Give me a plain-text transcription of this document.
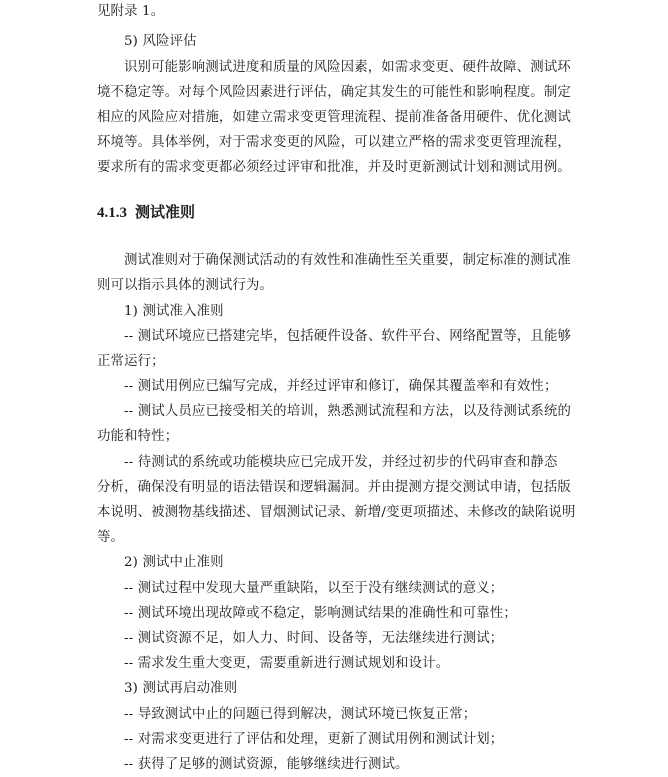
见附录 1。
5) 风险评估
识别可能影响测试进度和质量的风险因素，如需求变更、硬件故障、测试环
境不稳定等。对每个风险因素进行评估，确定其发生的可能性和影响程度。制定
相应的风险应对措施，如建立需求变更管理流程、提前准备备用硬件、优化测试
环境等。具体举例，对于需求变更的风险，可以建立严格的需求变更管理流程，
要求所有的需求变更都必须经过评审和批准，并及时更新测试计划和测试用例。
4.1.3 测试准则
测试准则对于确保测试活动的有效性和准确性至关重要，制定标准的测试准
则可以指示具体的测试行为。
1) 测试准入准则
-- 测试环境应已搭建完毕，包括硬件设备、软件平台、网络配置等，且能够
正常运行；
-- 测试用例应已编写完成，并经过评审和修订，确保其覆盖率和有效性；
-- 测试人员应已接受相关的培训，熟悉测试流程和方法，以及待测试系统的
功能和特性；
-- 待测试的系统或功能模块应已完成开发，并经过初步的代码审查和静态
分析，确保没有明显的语法错误和逻辑漏洞。并由提测方提交测试申请，包括版
本说明、被测物基线描述、冒烟测试记录、新增/变更项描述、未修改的缺陷说明
等。
2) 测试中止准则
-- 测试过程中发现大量严重缺陷，以至于没有继续测试的意义；
-- 测试环境出现故障或不稳定，影响测试结果的准确性和可靠性；
-- 测试资源不足，如人力、时间、设备等，无法继续进行测试；
-- 需求发生重大变更，需要重新进行测试规划和设计。
3) 测试再启动准则
-- 导致测试中止的问题已得到解决，测试环境已恢复正常；
-- 对需求变更进行了评估和处理，更新了测试用例和测试计划；
-- 获得了足够的测试资源，能够继续进行测试。
